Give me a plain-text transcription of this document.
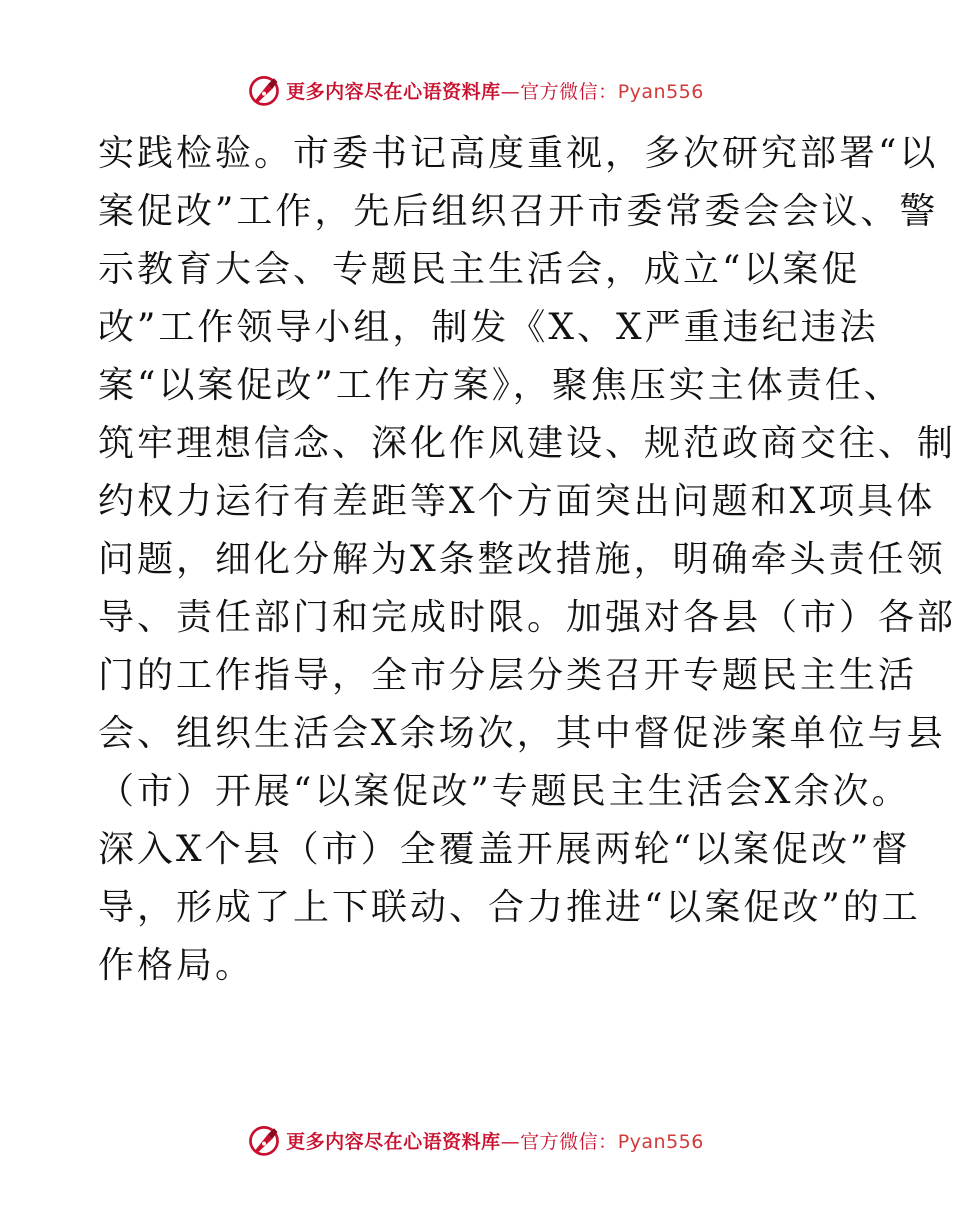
更多内容尽在心语资料库—官方微信：Pyan556
实践检验。市委书记高度重视，多次研究部署“以
案促改”工作，先后组织召开市委常委会会议、警
示教育大会、专题民主生活会，成立“以案促
改”工作领导小组，制发《X、X严重违纪违法
案“以案促改”工作方案》，聚焦压实主体责任、
筑牢理想信念、深化作风建设、规范政商交往、制
约权力运行有差距等X个方面突出问题和X项具体
问题，细化分解为X条整改措施，明确牵头责任领
导、责任部门和完成时限。加强对各县（市）各部
门的工作指导，全市分层分类召开专题民主生活
会、组织生活会X余场次，其中督促涉案单位与县
（市）开展“以案促改”专题民主生活会X余次。
深入X个县（市）全覆盖开展两轮“以案促改”督
导，形成了上下联动、合力推进“以案促改”的工
作格局。
更多内容尽在心语资料库—官方微信：Pyan556
